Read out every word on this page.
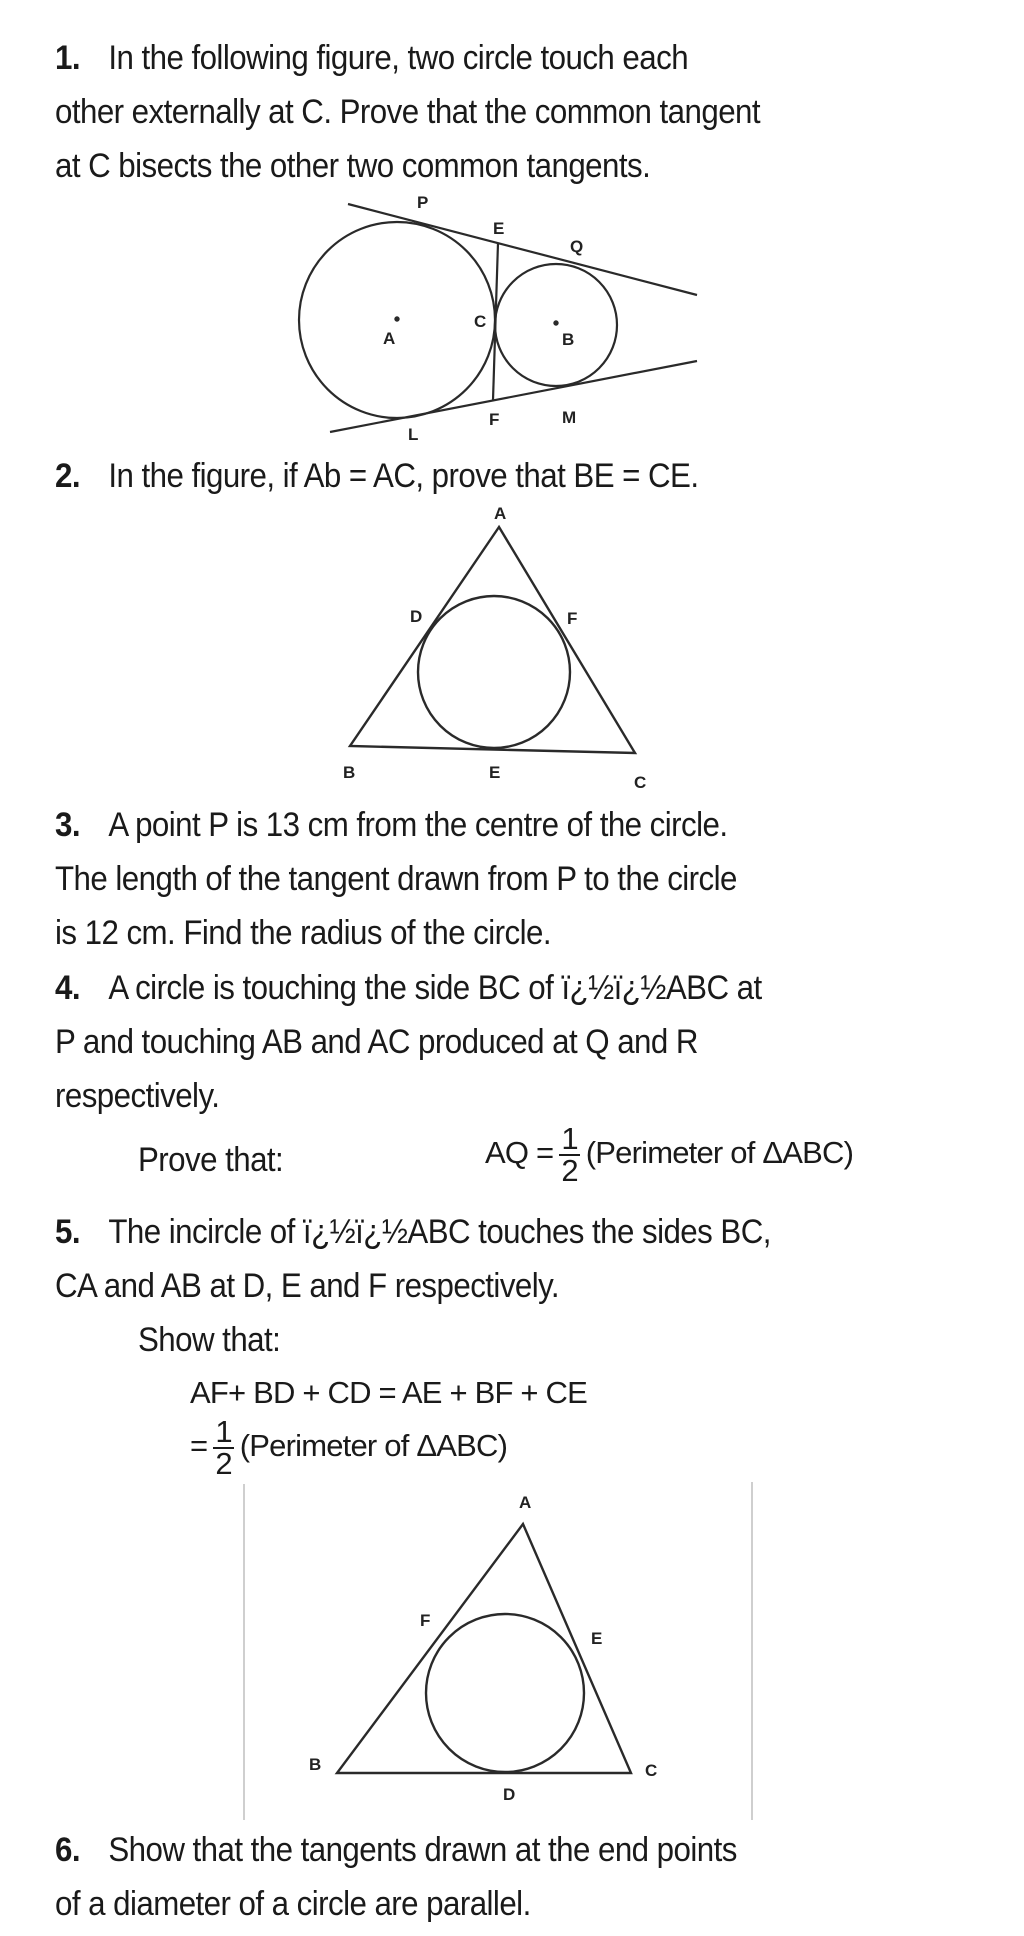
1. In the following figure, two circle touch each
other externally at C. Prove that the common tangent
at C bisects the other two common tangents.
P
E
Q
A
C
B
L
F	M
A
D	F
B	E
C
A
F
E
B	C
D
2. In the figure, if Ab = AC, prove that BE = CE.
3. A point P is 13 cm from the centre of the circle.
The length of the tangent drawn from P to the circle
is 12 cm. Find the radius of the circle.
4. A circle is touching the side BC of ï¿½ï¿½ABC at
P and touching AB and AC produced at Q and R
respectively.
Prove that:	AQ = $\frac{1}{2}$ (Perimeter of ΔABC)
5. The incircle of ï¿½ï¿½ABC touches the sides BC,
CA and AB at D, E and F respectively.
Show that:
AF+ BD + CD = AE + BF + CE
= $\frac{1}{2}$ (Perimeter of ΔABC)
6. Show that the tangents drawn at the end points
of a diameter of a circle are parallel.
